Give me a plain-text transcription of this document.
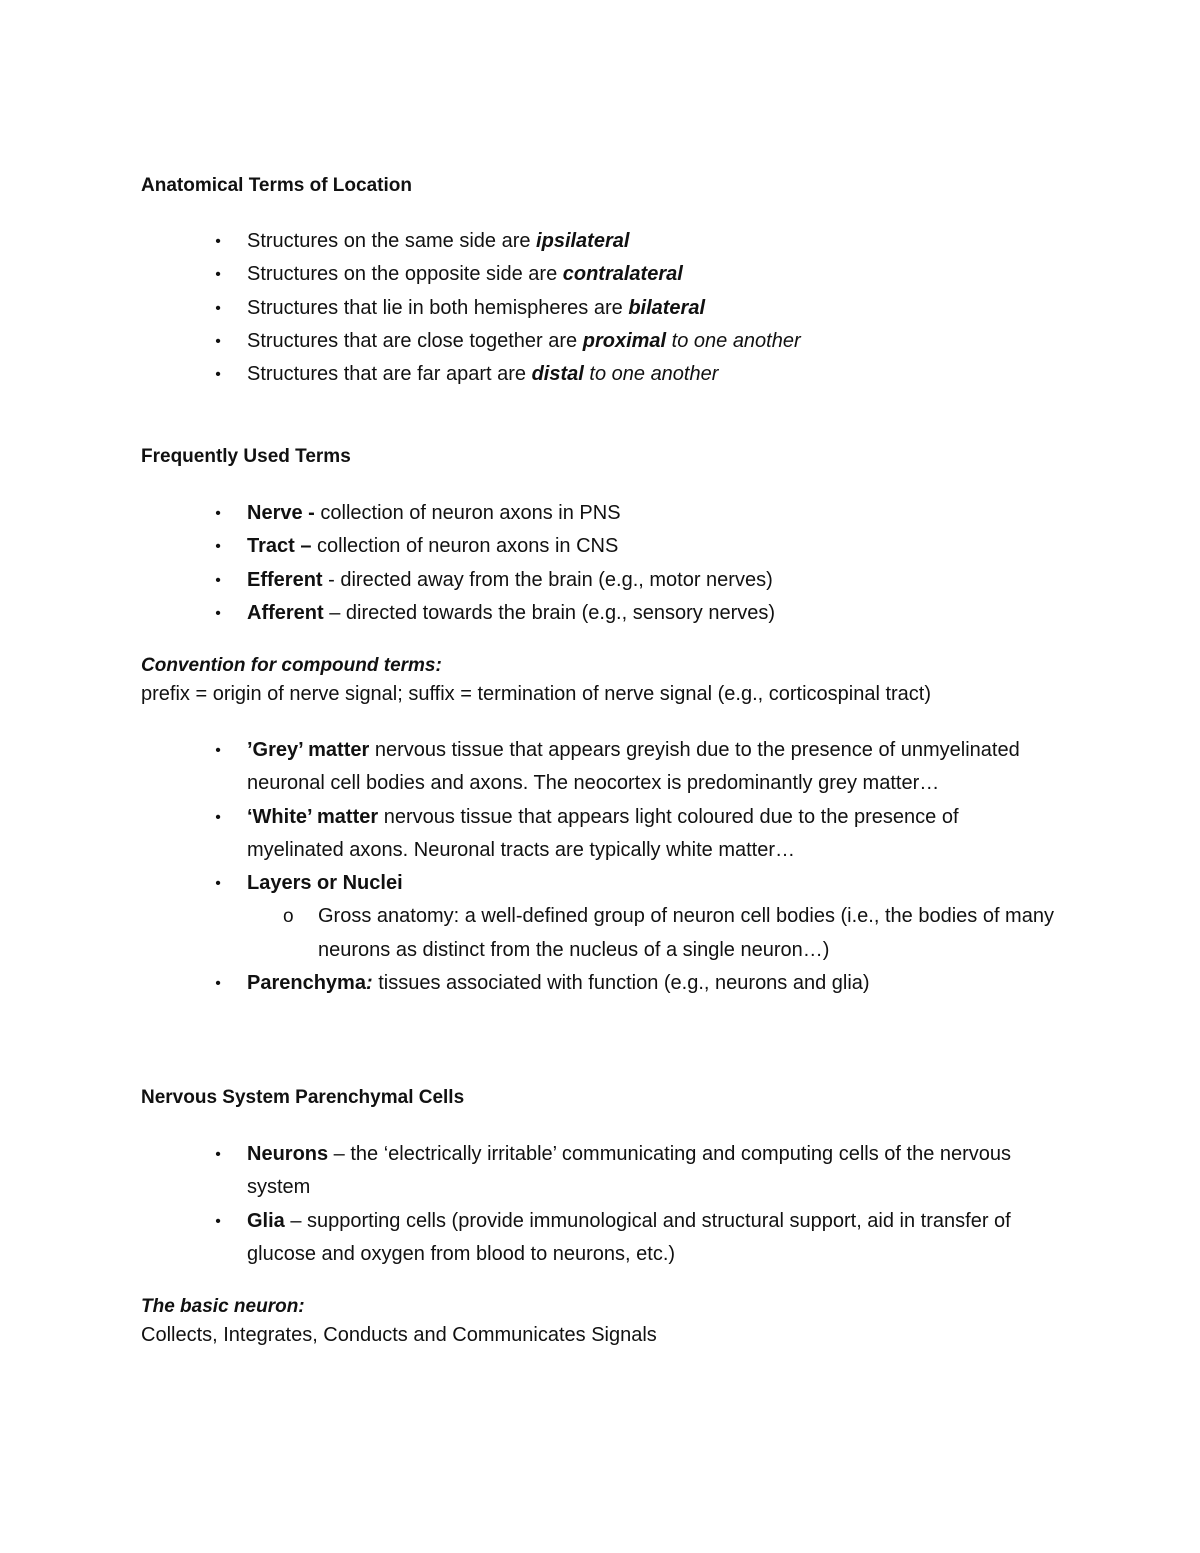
Anatomical Terms of Location
• Structures on the same side are ipsilateral
• Structures on the opposite side are contralateral
• Structures that lie in both hemispheres are bilateral
• Structures that are close together are proximal to one another
• Structures that are far apart are distal to one another
Frequently Used Terms
• Nerve - collection of neuron axons in PNS
• Tract – collection of neuron axons in CNS
• Efferent - directed away from the brain (e.g., motor nerves)
• Afferent – directed towards the brain (e.g., sensory nerves)
Convention for compound terms:
prefix = origin of nerve signal; suffix = termination of nerve signal (e.g., corticospinal tract)
• ’Grey’ matter nervous tissue that appears greyish due to the presence of unmyelinated neuronal cell bodies and axons. The neocortex is predominantly grey matter…
• ‘White’ matter nervous tissue that appears light coloured due to the presence of myelinated axons. Neuronal tracts are typically white matter…
• Layers or Nuclei
o Gross anatomy: a well-defined group of neuron cell bodies (i.e., the bodies of many neurons as distinct from the nucleus of a single neuron…)
• Parenchyma: tissues associated with function (e.g., neurons and glia)
Nervous System Parenchymal Cells
• Neurons – the ‘electrically irritable’ communicating and computing cells of the nervous system
• Glia – supporting cells (provide immunological and structural support, aid in transfer of glucose and oxygen from blood to neurons, etc.)
The basic neuron:
Collects, Integrates, Conducts and Communicates Signals
